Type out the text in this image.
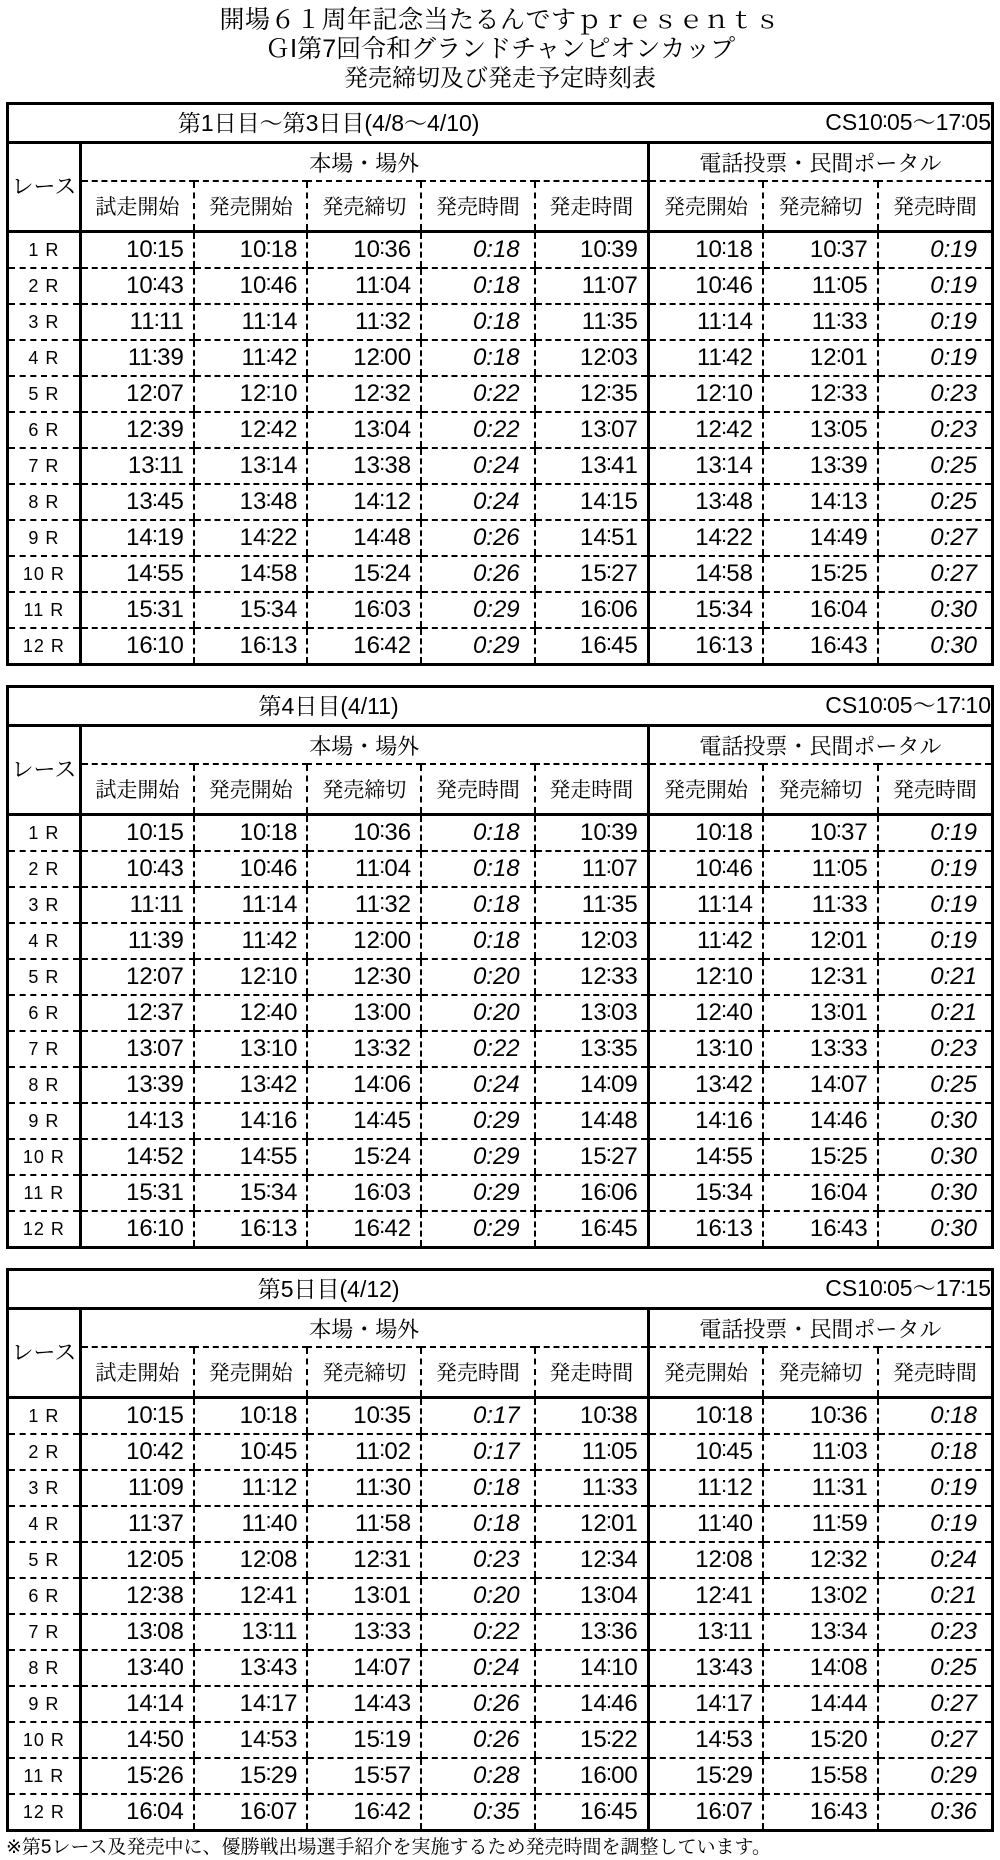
開場６１周年記念当たるんですｐｒｅｓｅｎｔｓ
ＧⅠ第7回令和グランドチャンピオンカップ
発売締切及び発走予定時刻表
第1日目〜第3日目(4/8〜4/10)						CS10:05〜17:05		
レース	本場・場外					電話投票・民間ポータル		
	試走開始	発売開始	発売締切	発売時間	発走時間	発売開始	発売締切	発売時間
1 R	10:15	10:18	10:36	0:18	10:39	10:18	10:37	0:19
2 R	10:43	10:46	11:04	0:18	11:07	10:46	11:05	0:19
3 R	11:11	11:14	11:32	0:18	11:35	11:14	11:33	0:19
4 R	11:39	11:42	12:00	0:18	12:03	11:42	12:01	0:19
5 R	12:07	12:10	12:32	0:22	12:35	12:10	12:33	0:23
6 R	12:39	12:42	13:04	0:22	13:07	12:42	13:05	0:23
7 R	13:11	13:14	13:38	0:24	13:41	13:14	13:39	0:25
8 R	13:45	13:48	14:12	0:24	14:15	13:48	14:13	0:25
9 R	14:19	14:22	14:48	0:26	14:51	14:22	14:49	0:27
10 R	14:55	14:58	15:24	0:26	15:27	14:58	15:25	0:27
11 R	15:31	15:34	16:03	0:29	16:06	15:34	16:04	0:30
12 R	16:10	16:13	16:42	0:29	16:45	16:13	16:43	0:30
第4日目(4/11)						CS10:05〜17:10		
レース	本場・場外					電話投票・民間ポータル		
	試走開始	発売開始	発売締切	発売時間	発走時間	発売開始	発売締切	発売時間
1 R	10:15	10:18	10:36	0:18	10:39	10:18	10:37	0:19
2 R	10:43	10:46	11:04	0:18	11:07	10:46	11:05	0:19
3 R	11:11	11:14	11:32	0:18	11:35	11:14	11:33	0:19
4 R	11:39	11:42	12:00	0:18	12:03	11:42	12:01	0:19
5 R	12:07	12:10	12:30	0:20	12:33	12:10	12:31	0:21
6 R	12:37	12:40	13:00	0:20	13:03	12:40	13:01	0:21
7 R	13:07	13:10	13:32	0:22	13:35	13:10	13:33	0:23
8 R	13:39	13:42	14:06	0:24	14:09	13:42	14:07	0:25
9 R	14:13	14:16	14:45	0:29	14:48	14:16	14:46	0:30
10 R	14:52	14:55	15:24	0:29	15:27	14:55	15:25	0:30
11 R	15:31	15:34	16:03	0:29	16:06	15:34	16:04	0:30
12 R	16:10	16:13	16:42	0:29	16:45	16:13	16:43	0:30
第5日目(4/12)						CS10:05〜17:15		
レース	本場・場外					電話投票・民間ポータル		
	試走開始	発売開始	発売締切	発売時間	発走時間	発売開始	発売締切	発売時間
1 R	10:15	10:18	10:35	0:17	10:38	10:18	10:36	0:18
2 R	10:42	10:45	11:02	0:17	11:05	10:45	11:03	0:18
3 R	11:09	11:12	11:30	0:18	11:33	11:12	11:31	0:19
4 R	11:37	11:40	11:58	0:18	12:01	11:40	11:59	0:19
5 R	12:05	12:08	12:31	0:23	12:34	12:08	12:32	0:24
6 R	12:38	12:41	13:01	0:20	13:04	12:41	13:02	0:21
7 R	13:08	13:11	13:33	0:22	13:36	13:11	13:34	0:23
8 R	13:40	13:43	14:07	0:24	14:10	13:43	14:08	0:25
9 R	14:14	14:17	14:43	0:26	14:46	14:17	14:44	0:27
10 R	14:50	14:53	15:19	0:26	15:22	14:53	15:20	0:27
11 R	15:26	15:29	15:57	0:28	16:00	15:29	15:58	0:29
12 R	16:04	16:07	16:42	0:35	16:45	16:07	16:43	0:36
※第5レース及発売中に、優勝戦出場選手紹介を実施するため発売時間を調整しています。
